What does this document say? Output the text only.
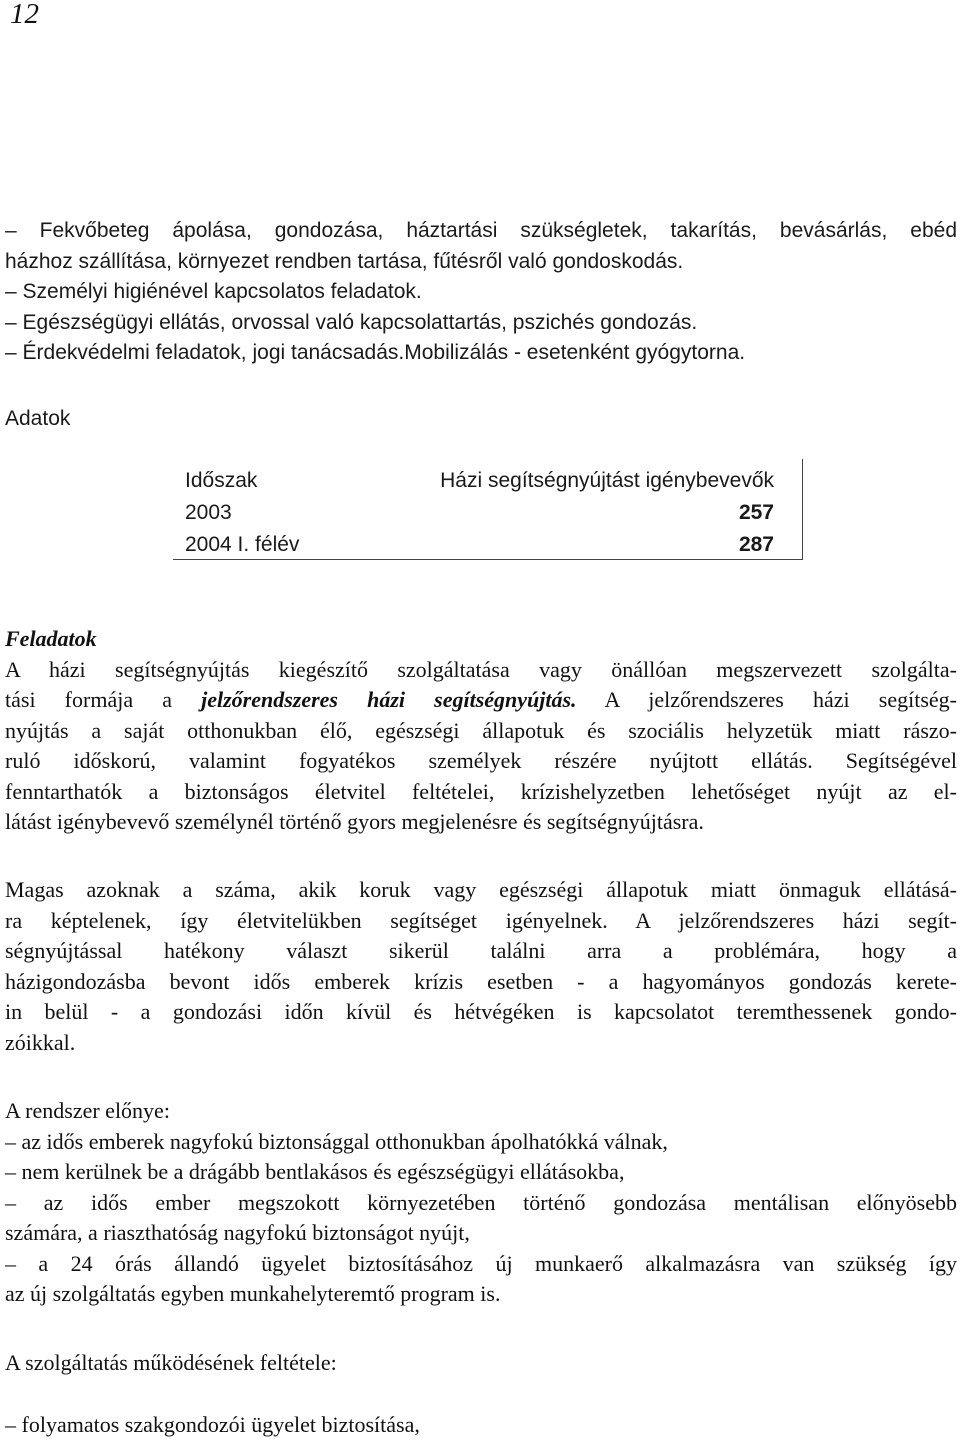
12
– Fekvőbeteg ápolása, gondozása, háztartási szükségletek, takarítás, bevásárlás, ebéd
házhoz szállítása, környezet rendben tartása, fűtésről való gondoskodás.
– Személyi higiénével kapcsolatos feladatok.
– Egészségügyi ellátás, orvossal való kapcsolattartás, pszichés gondozás.
– Érdekvédelmi feladatok, jogi tanácsadás.Mobilizálás - esetenként gyógytorna.
Adatok
Időszak	Házi segítségnyújtást igénybevevők
2003	257
2004 I. félév	287
Feladatok
A házi segítségnyújtás kiegészítő szolgáltatása vagy önállóan megszervezett szolgálta-
tási formája a jelzőrendszeres házi segítségnyújtás. A jelzőrendszeres házi segítség-
nyújtás a saját otthonukban élő, egészségi állapotuk és szociális helyzetük miatt rászo-
ruló időskorú, valamint fogyatékos személyek részére nyújtott ellátás. Segítségével
fenntarthatók a biztonságos életvitel feltételei, krízishelyzetben lehetőséget nyújt az el-
látást igénybevevő személynél történő gyors megjelenésre és segítségnyújtásra.
Magas azoknak a száma, akik koruk vagy egészségi állapotuk miatt önmaguk ellátásá-
ra képtelenek, így életvitelükben segítséget igényelnek. A jelzőrendszeres házi segít-
ségnyújtással hatékony választ sikerül találni arra a problémára, hogy a
házigondozásba bevont idős emberek krízis esetben - a hagyományos gondozás kerete-
in belül - a gondozási időn kívül és hétvégéken is kapcsolatot teremthessenek gondo-
zóikkal.
A rendszer előnye:
– az idős emberek nagyfokú biztonsággal otthonukban ápolhatókká válnak,
– nem kerülnek be a drágább bentlakásos és egészségügyi ellátásokba,
– az idős ember megszokott környezetében történő gondozása mentálisan előnyösebb
számára, a riaszthatóság nagyfokú biztonságot nyújt,
– a 24 órás állandó ügyelet biztosításához új munkaerő alkalmazásra van szükség így
az új szolgáltatás egyben munkahelyteremtő program is.
A szolgáltatás működésének feltétele:
– folyamatos szakgondozói ügyelet biztosítása,
